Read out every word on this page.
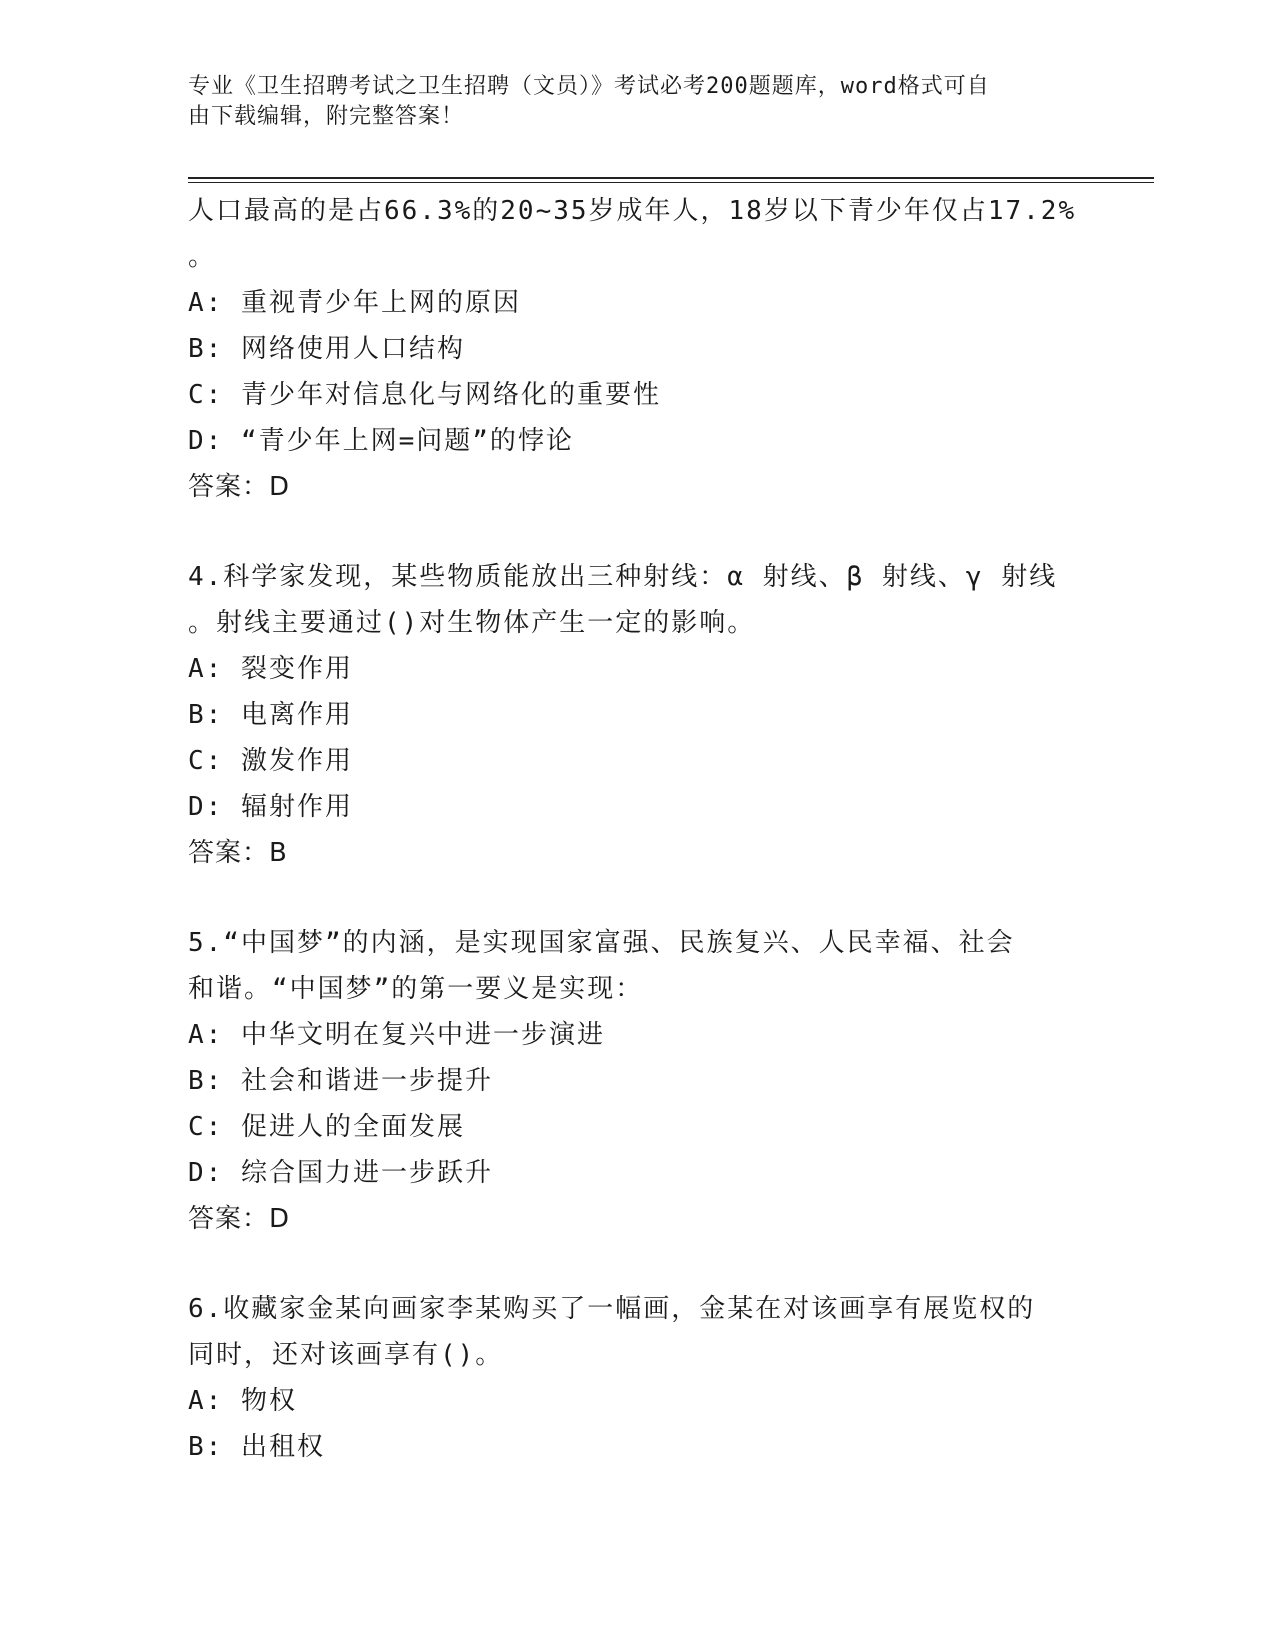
专业《卫生招聘考试之卫生招聘（文员）》考试必考200题题库，word格式可自
由下载编辑，附完整答案！
人口最高的是占66.3%的20~35岁成年人，18岁以下青少年仅占17.2%
。
A: 重视青少年上网的原因
B: 网络使用人口结构
C: 青少年对信息化与网络化的重要性
D: “青少年上网=问题”的悖论
答案：D
4.科学家发现，某些物质能放出三种射线：α 射线、β 射线、γ 射线
。射线主要通过()对生物体产生一定的影响。
A: 裂变作用
B: 电离作用
C: 激发作用
D: 辐射作用
答案：B
5.“中国梦”的内涵，是实现国家富强、民族复兴、人民幸福、社会
和谐。“中国梦”的第一要义是实现：
A: 中华文明在复兴中进一步演进
B: 社会和谐进一步提升
C: 促进人的全面发展
D: 综合国力进一步跃升
答案：D
6.收藏家金某向画家李某购买了一幅画，金某在对该画享有展览权的
同时，还对该画享有()。
A: 物权
B: 出租权
